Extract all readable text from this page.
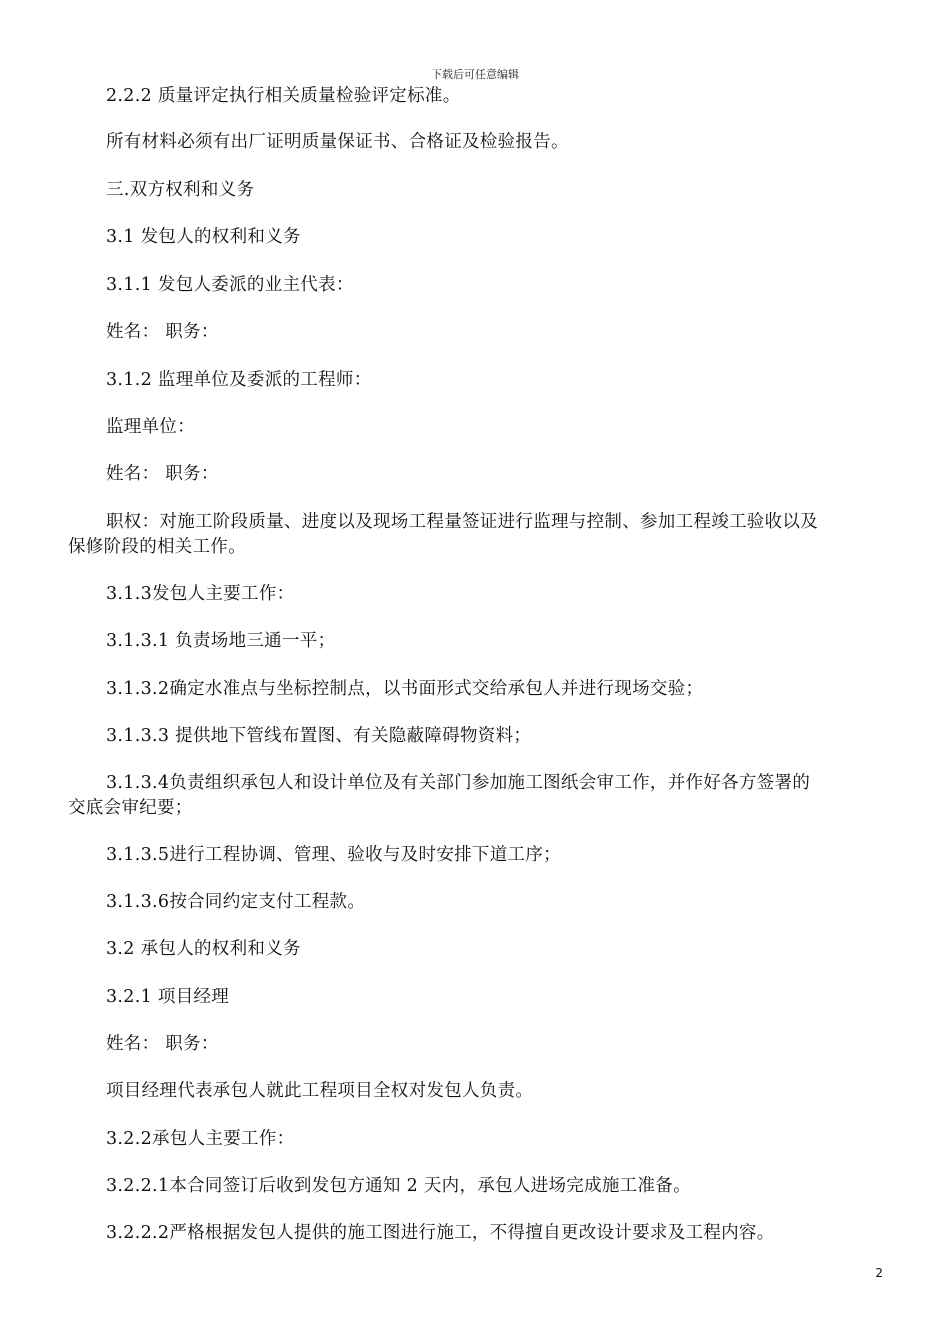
下载后可任意编辑
2.2.2 质量评定执行相关质量检验评定标准。
所有材料必须有出厂证明质量保证书、合格证及检验报告。
三.双方权利和义务
3.1 发包人的权利和义务
3.1.1 发包人委派的业主代表：
姓名： 职务：
3.1.2 监理单位及委派的工程师：
监理单位：
姓名： 职务：
职权：对施工阶段质量、进度以及现场工程量签证进行监理与控制、参加工程竣工验收以及
保修阶段的相关工作。
3.1.3发包人主要工作：
3.1.3.1 负责场地三通一平；
3.1.3.2确定水准点与坐标控制点，以书面形式交给承包人并进行现场交验；
3.1.3.3 提供地下管线布置图、有关隐蔽障碍物资料；
3.1.3.4负责组织承包人和设计单位及有关部门参加施工图纸会审工作，并作好各方签署的
交底会审纪要；
3.1.3.5进行工程协调、管理、验收与及时安排下道工序；
3.1.3.6按合同约定支付工程款。
3.2 承包人的权利和义务
3.2.1 项目经理
姓名： 职务：
项目经理代表承包人就此工程项目全权对发包人负责。
3.2.2承包人主要工作：
3.2.2.1本合同签订后收到发包方通知 2 天内，承包人进场完成施工准备。
3.2.2.2严格根据发包人提供的施工图进行施工，不得擅自更改设计要求及工程内容。
2
